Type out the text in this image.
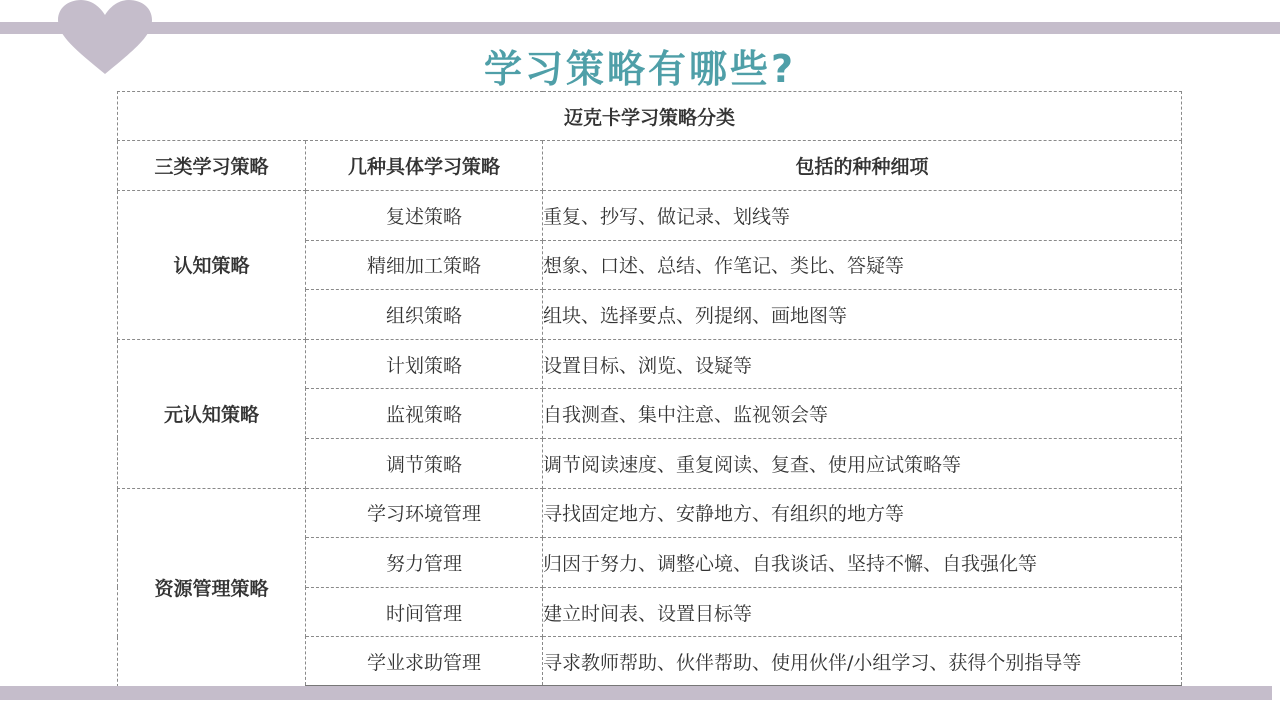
学习策略有哪些?
迈克卡学习策略分类		
三类学习策略	几种具体学习策略	包括的种种细项
认知策略	复述策略	重复、抄写、做记录、划线等
	精细加工策略	想象、口述、总结、作笔记、类比、答疑等
	组织策略	组块、选择要点、列提纲、画地图等
元认知策略	计划策略	设置目标、浏览、设疑等
	监视策略	自我测查、集中注意、监视领会等
	调节策略	调节阅读速度、重复阅读、复查、使用应试策略等
资源管理策略	学习环境管理	寻找固定地方、安静地方、有组织的地方等
	努力管理	归因于努力、调整心境、自我谈话、坚持不懈、自我强化等
	时间管理	建立时间表、设置目标等
	学业求助管理	寻求教师帮助、伙伴帮助、使用伙伴/小组学习、获得个别指导等
